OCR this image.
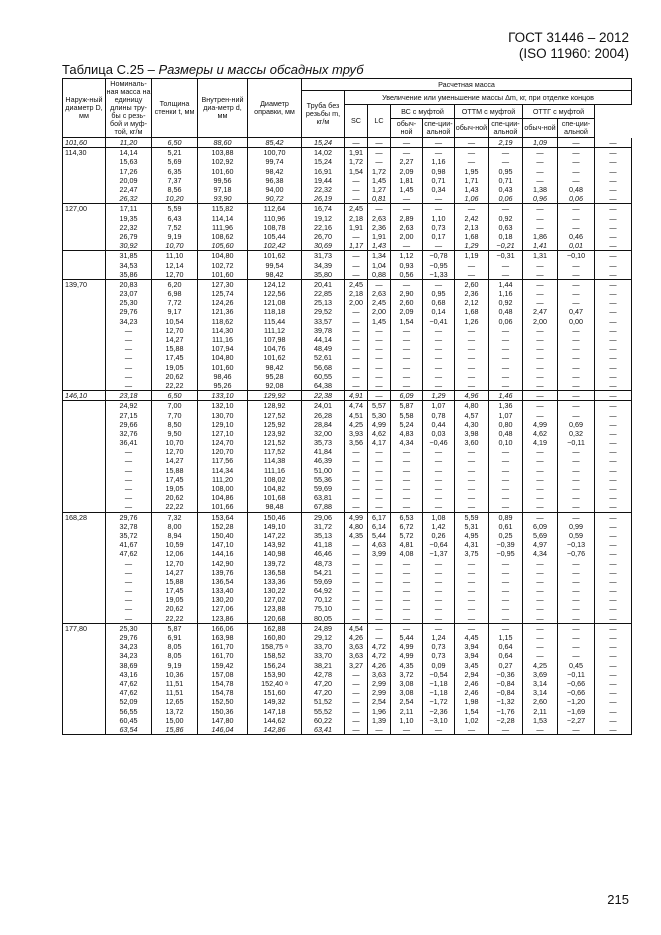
ГОСТ 31446 – 2012
(ISO 11960: 2004)
Таблица С.25 – Размеры и массы обсадных труб
Наруж-ный диаметр D, мм	Номиналь-ная масса на единицу длины тру-бы с резь-бой и муф-той, кг/м	Толщина стенки t, мм	Внутрен-ний диа-метр d, мм	Диаметр оправки, мм	Расчетная масса									
					Труба без резьбы m, кг/м	Увеличение или уменьшение массы Δm, кг, при отделке концов								
						SC	LC	ВС с муфтой		ОТТМ с муфтой		ОТТГ с муфтой		
								обыч-ной	спе-ции-альной	обыч-ной	спе-ции-альной	обыч-ной	спе-ции-альной	
101,60	11,20	6,50	88,60	85,42	15,24	—	—	—	—	—	2,19	1,09	—	—
114,30	14,14	5,21	103,88	100,70	14,02	1,91	—	—	—	—	—	—	—	—
	15,63	5,69	102,92	99,74	15,24	1,72	—	2,27	1,16	—	—	—	—	—
	17,26	6,35	101,60	98,42	16,91	1,54	1,72	2,09	0,98	1,95	0,95	—	—	—
	20,09	7,37	99,56	96,38	19,44	—	1,45	1,81	0,71	1,71	0,71	—	—	—
	22,47	8,56	97,18	94,00	22,32	—	1,27	1,45	0,34	1,43	0,43	1,38	0,48	—
	26,32	10,20	93,90	90,72	26,19	—	0,81	—	—	1,06	0,06	0,96	0,06	—
127,00	17,11	5,59	115,82	112,64	16,74	2,45	—	—	—	—	—	—	—	—
	19,35	6,43	114,14	110,96	19,12	2,18	2,63	2,89	1,10	2,42	0,92	—	—	—
	22,32	7,52	111,96	108,78	22,16	1,91	2,36	2,63	0,73	2,13	0,63	—	—	—
	26,79	9,19	108,62	105,44	26,70	—	1,91	2,00	0,17	1,68	0,18	1,86	0,46	—
	30,92	10,70	105,60	102,42	30,69	1,17	1,43	—	—	1,29	−0,21	1,41	0,01	—
	31,85	11,10	104,80	101,62	31,73	—	1,34	1,12	−0,78	1,19	−0,31	1,31	−0,10	—
	34,53	12,14	102,72	99,54	34,39	—	1,04	0,93	−0,95	—	—	—	—	—
	35,86	12,70	101,60	98,42	35,80	—	0,88	0,56	−1,33	—	—	—	—	—
139,70	20,83	6,20	127,30	124,12	20,41	2,45	—	—	—	2,60	1,44	—	—	—
	23,07	6,98	125,74	122,56	22,85	2,18	2,63	2,90	0,95	2,36	1,16	—	—	—
	25,30	7,72	124,26	121,08	25,13	2,00	2,45	2,60	0,68	2,12	0,92	—	—	—
	29,76	9,17	121,36	118,18	29,52	—	2,00	2,09	0,14	1,68	0,48	2,47	0,47	—
	34,23	10,54	118,62	115,44	33,57	—	1,45	1,54	−0,41	1,26	0,06	2,00	0,00	—
	—	12,70	114,30	111,12	39,78	—	—	—	—	—	—	—	—	—
	—	14,27	111,16	107,98	44,14	—	—	—	—	—	—	—	—	—
	—	15,88	107,94	104,76	48,49	—	—	—	—	—	—	—	—	—
	—	17,45	104,80	101,62	52,61	—	—	—	—	—	—	—	—	—
	—	19,05	101,60	98,42	56,68	—	—	—	—	—	—	—	—	—
	—	20,62	98,46	95,28	60,55	—	—	—	—	—	—	—	—	—
	—	22,22	95,26	92,08	64,38	—	—	—	—	—	—	—	—	—
146,10	23,18	6,50	133,10	129,92	22,38	4,91	—	6,09	1,29	4,96	1,46	—	—	—
	24,92	7,00	132,10	128,92	24,01	4,74	5,57	5,87	1,07	4,80	1,36	—	—	—
	27,15	7,70	130,70	127,52	26,28	4,51	5,30	5,58	0,78	4,57	1,07	—	—	—
	29,66	8,50	129,10	125,92	28,84	4,25	4,99	5,24	0,44	4,30	0,80	4,99	0,69	—
	32,76	9,50	127,10	123,92	32,00	3,93	4,62	4,83	0,03	3,98	0,48	4,62	0,32	—
	36,41	10,70	124,70	121,52	35,73	3,56	4,17	4,34	−0,46	3,60	0,10	4,19	−0,11	—
	—	12,70	120,70	117,52	41,84	—	—	—	—	—	—	—	—	—
	—	14,27	117,56	114,38	46,39	—	—	—	—	—	—	—	—	—
	—	15,88	114,34	111,16	51,00	—	—	—	—	—	—	—	—	—
	—	17,45	111,20	108,02	55,36	—	—	—	—	—	—	—	—	—
	—	19,05	108,00	104,82	59,69	—	—	—	—	—	—	—	—	—
	—	20,62	104,86	101,68	63,81	—	—	—	—	—	—	—	—	—
	—	22,22	101,66	98,48	67,88	—	—	—	—	—	—	—	—	—
168,28	29,76	7,32	153,64	150,46	29,06	4,99	6,17	6,53	1,08	5,59	0,89	—	—	—
	32,78	8,00	152,28	149,10	31,72	4,80	6,14	6,72	1,42	5,31	0,61	6,09	0,99	—
	35,72	8,94	150,40	147,22	35,13	4,35	5,44	5,72	0,26	4,95	0,25	5,69	0,59	—
	41,67	10,59	147,10	143,92	41,18	—	4,63	4,81	−0,64	4,31	−0,39	4,97	−0,13	—
	47,62	12,06	144,16	140,98	46,46	—	3,99	4,08	−1,37	3,75	−0,95	4,34	−0,76	—
	—	12,70	142,90	139,72	48,73	—	—	—	—	—	—	—	—	—
	—	14,27	139,76	136,58	54,21	—	—	—	—	—	—	—	—	—
	—	15,88	136,54	133,36	59,69	—	—	—	—	—	—	—	—	—
	—	17,45	133,40	130,22	64,92	—	—	—	—	—	—	—	—	—
	—	19,05	130,20	127,02	70,12	—	—	—	—	—	—	—	—	—
	—	20,62	127,06	123,88	75,10	—	—	—	—	—	—	—	—	—
	—	22,22	123,86	120,68	80,05	—	—	—	—	—	—	—	—	—
177,80	25,30	5,87	166,06	162,88	24,89	4,54	—	—	—	—	—	—	—	—
	29,76	6,91	163,98	160,80	29,12	4,26	—	5,44	1,24	4,45	1,15	—	—	—
	34,23	8,05	161,70	158,75 ᵃ	33,70	3,63	4,72	4,99	0,73	3,94	0,64	—	—	—
	34,23	8,05	161,70	158,52	33,70	3,63	4,72	4,99	0,73	3,94	0,64	—	—	—
	38,69	9,19	159,42	156,24	38,21	3,27	4,26	4,35	0,09	3,45	0,27	4,25	0,45	—
	43,16	10,36	157,08	153,90	42,78	—	3,63	3,72	−0,54	2,94	−0,36	3,69	−0,11	—
	47,62	11,51	154,78	152,40 ᵃ	47,20	—	2,99	3,08	−1,18	2,46	−0,84	3,14	−0,66	—
	47,62	11,51	154,78	151,60	47,20	—	2,99	3,08	−1,18	2,46	−0,84	3,14	−0,66	—
	52,09	12,65	152,50	149,32	51,52	—	2,54	2,54	−1,72	1,98	−1,32	2,60	−1,20	—
	56,55	13,72	150,36	147,18	55,52	—	1,96	2,11	−2,36	1,54	−1,76	2,11	−1,69	—
	60,45	15,00	147,80	144,62	60,22	—	1,39	1,10	−3,10	1,02	−2,28	1,53	−2,27	—
	63,54	15,86	146,04	142,86	63,41	—	—	—	—	—	—	—	—	—
215
